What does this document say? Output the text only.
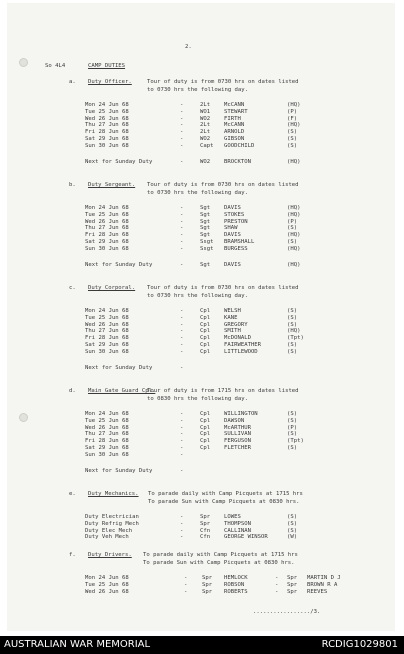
2.
So 4L4	CAMP DUTIES
a. Duty Officer.	Tour of duty is from 0730 hrs on dates listed
to 0730 hrs the following day.
Mon 24 Jun 68	-	2Lt McCANN	(HQ)
Tue 25 Jun 68	-	WO1 STEWART	(P)
Wed 26 Jun 68	-	WO2 FIRTH	(F)
Thu 27 Jun 68	-	2Lt McCANN	(HQ)
Fri 28 Jun 68	-	2Lt ARNOLD	(S)
Sat 29 Jun 68	-	WO2 GIBSON	(S)
Sun 30 Jun 68	-	Capt GOODCHILD	(S)
Next for Sunday Duty	-	WO2 BROCKTON	(HQ)
b. Duty Sergeant. Tour of duty is from 0730 hrs on dates listed
to 0730 hrs the following day.
Mon 24 Jun 68	-	Sgt DAVIS	(HQ)
Tue 25 Jun 68	-	Sgt STOKES	(HQ)
Wed 26 Jun 68	-	Sgt PRESTON	(P)
Thu 27 Jun 68	-	Sgt SHAW	(S)
Fri 28 Jun 68	-	Sgt DAVIS	(HQ)
Sat 29 Jun 68	-	Ssgt BRAMSHALL	(S)
Sun 30 Jun 68	-	Ssgt BURGESS	(HQ)
Next for Sunday Duty	-	Sgt DAVIS	(HQ)
c. Duty Corporal. Tour of duty is from 0730 hrs on dates listed
to 0730 hrs the following day.
Mon 24 Jun 68	-	Cpl WELSH	(S)
Tue 25 Jun 68	-	Cpl KANE	(S)
Wed 26 Jun 68	-	Cpl GREGORY	(S)
Thu 27 Jun 68	-	Cpl SMITH	(HQ)
Fri 28 Jun 68	-	Cpl McDONALD	(Tpt)
Sat 29 Jun 68	-	Cpl FAIRWEATHER	(S)
Sun 30 Jun 68	-	Cpl LITTLEWOOD	(S)
Next for Sunday Duty	-
d. Main Gate Guard Cpl.
Tour of duty is from 1715 hrs on dates listed
to 0830 hrs the following day.
Mon 24 Jun 68	-	Cpl WILLINGTON	(S)
Tue 25 Jun 68	-	Cpl DAWSON	(S)
Wed 26 Jun 68	-	Cpl McARTHUR	(P)
Thu 27 Jun 68	-	Cpl SULLIVAN	(S)
Fri 28 Jun 68	-	Cpl FERGUSON	(Tpt)
Sat 29 Jun 68	-	Cpl FLETCHER	(S)
Sun 30 Jun 68	-
Next for Sunday Duty	-
e. Duty Mechanics. To parade daily with Camp Picquets at 1715 hrs
To parade Sun with Camp Picquets at 0830 hrs.
Duty Electrician	-	Spr LOWES	(S)
Duty Refrig Mech	-	Spr THOMPSON	(S)
Duty Elec Mech	-	Cfn CALLINAN	(S)
Duty Veh Mech	-	Cfn GEORGE WINSOR	(W)
f. Duty Drivers. To parade daily with Camp Picquets at 1715 hrs
To parade Sun with Camp Picquets at 0830 hrs.
Mon 24 Jun 68	-	Spr HEMLOCK	- Spr MARTIN D J
Tue 25 Jun 68	-	Spr ROBSON	- Spr BROWN R A
Wed 26 Jun 68	-	Spr ROBERTS	- Spr REEVES
................./3.
AUSTRALIAN WAR MEMORIAL	RCDIG1029801
